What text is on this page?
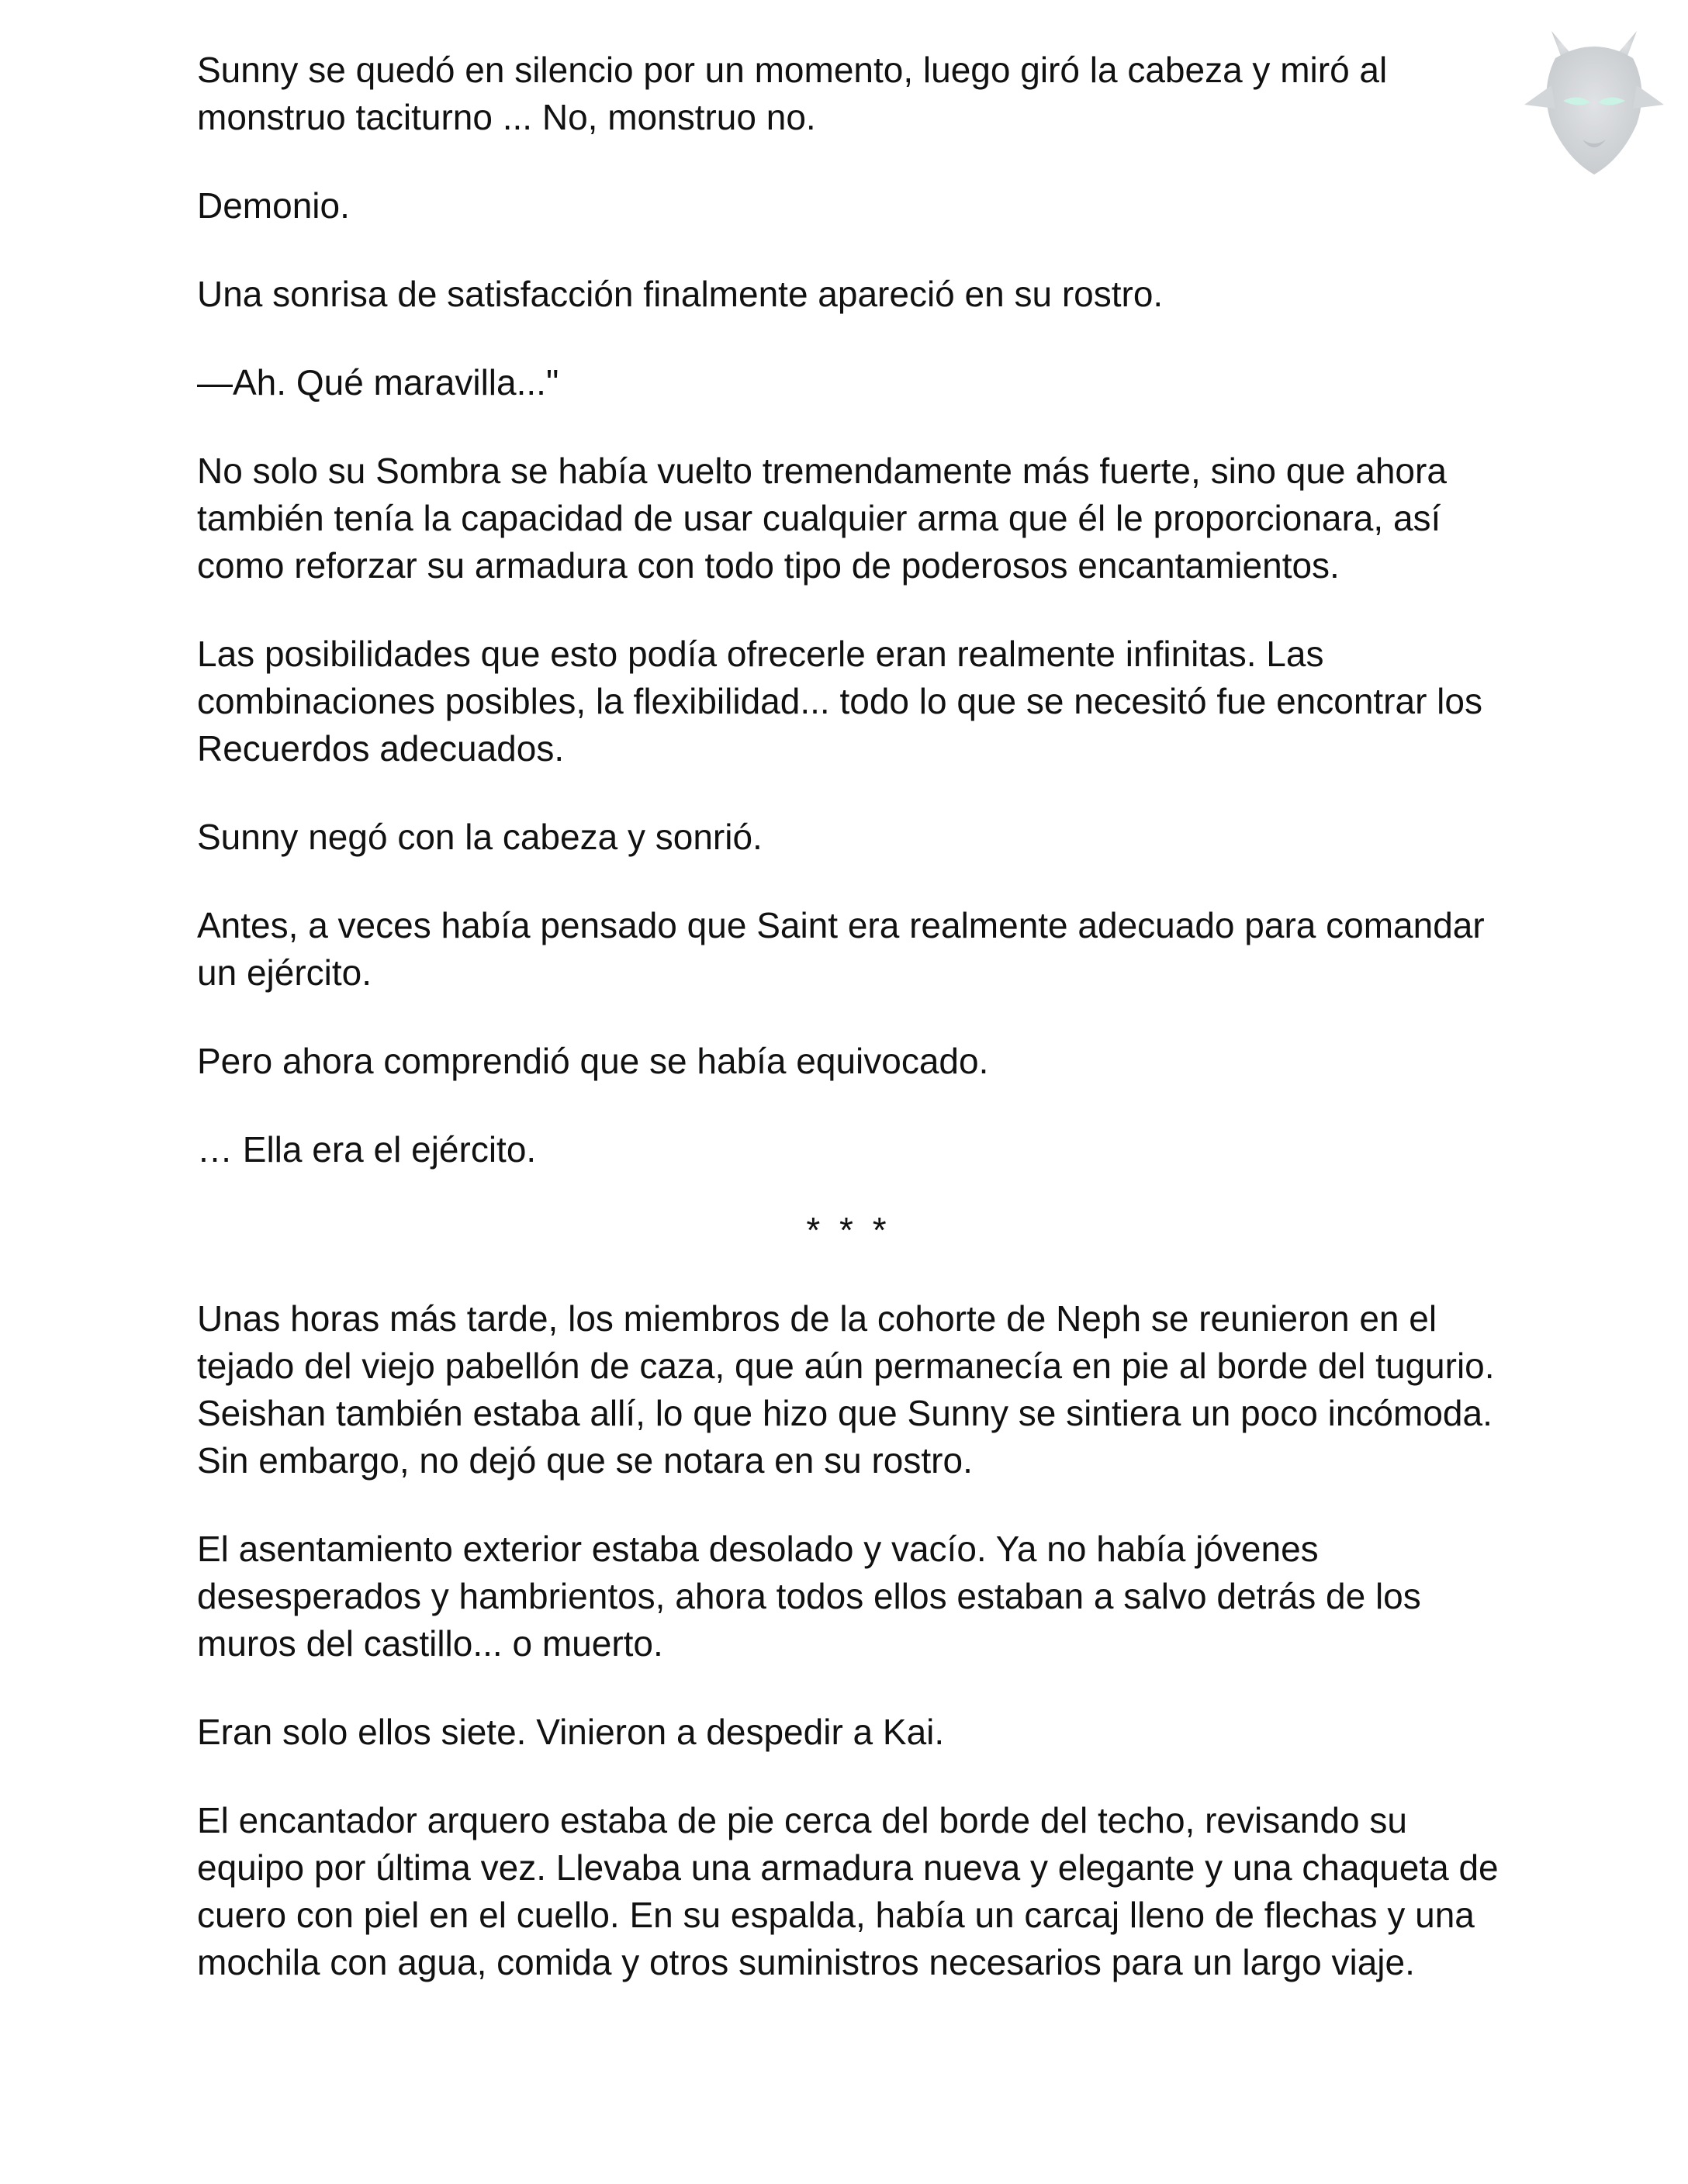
Sunny se quedó en silencio por un momento, luego giró la cabeza y miró al monstruo taciturno ... No, monstruo no.

Demonio.

Una sonrisa de satisfacción finalmente apareció en su rostro.

—Ah. Qué maravilla..."

No solo su Sombra se había vuelto tremendamente más fuerte, sino que ahora también tenía la capacidad de usar cualquier arma que él le proporcionara, así como reforzar su armadura con todo tipo de poderosos encantamientos.

Las posibilidades que esto podía ofrecerle eran realmente infinitas. Las combinaciones posibles, la flexibilidad... todo lo que se necesitó fue encontrar los Recuerdos adecuados.

Sunny negó con la cabeza y sonrió.

Antes, a veces había pensado que Saint era realmente adecuado para comandar un ejército.

Pero ahora comprendió que se había equivocado.

… Ella era el ejército.

* * *

Unas horas más tarde, los miembros de la cohorte de Neph se reunieron en el tejado del viejo pabellón de caza, que aún permanecía en pie al borde del tugurio. Seishan también estaba allí, lo que hizo que Sunny se sintiera un poco incómoda. Sin embargo, no dejó que se notara en su rostro.

El asentamiento exterior estaba desolado y vacío. Ya no había jóvenes desesperados y hambrientos, ahora todos ellos estaban a salvo detrás de los muros del castillo... o muerto.

Eran solo ellos siete. Vinieron a despedir a Kai.

El encantador arquero estaba de pie cerca del borde del techo, revisando su equipo por última vez. Llevaba una armadura nueva y elegante y una chaqueta de cuero con piel en el cuello. En su espalda, había un carcaj lleno de flechas y una mochila con agua, comida y otros suministros necesarios para un largo viaje.
